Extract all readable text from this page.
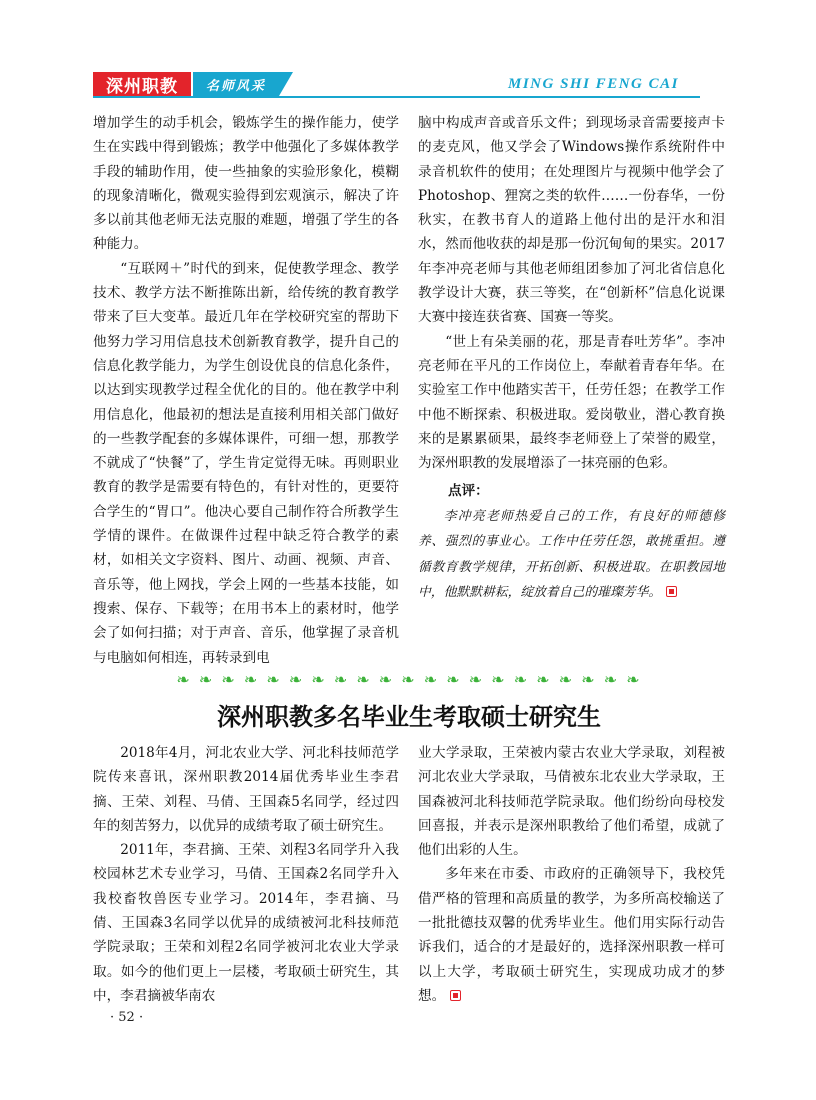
深州职教	名师风采	MING SHI FENG CAI

增加学生的动手机会，锻炼学生的操作能力，使学生在实践中得到锻炼；教学中他强化了多媒体教学手段的辅助作用，使一些抽象的实验形象化，模糊的现象清晰化，微观实验得到宏观演示，解决了许多以前其他老师无法克服的难题，增强了学生的各种能力。

“互联网＋”时代的到来，促使教学理念、教学技术、教学方法不断推陈出新，给传统的教育教学带来了巨大变革。最近几年在学校研究室的帮助下他努力学习用信息技术创新教育教学，提升自己的信息化教学能力，为学生创设优良的信息化条件，以达到实现教学过程全优化的目的。他在教学中利用信息化，他最初的想法是直接利用相关部门做好的一些教学配套的多媒体课件，可细一想，那教学不就成了“快餐”了，学生肯定觉得无味。再则职业教育的教学是需要有特色的，有针对性的，更要符合学生的“胃口”。他决心要自己制作符合所教学生学情的课件。在做课件过程中缺乏符合教学的素材，如相关文字资料、图片、动画、视频、声音、音乐等，他上网找，学会上网的一些基本技能，如搜索、保存、下载等；在用书本上的素材时，他学会了如何扫描；对于声音、音乐，他掌握了录音机与电脑如何相连，再转录到电

脑中构成声音或音乐文件；到现场录音需要接声卡的麦克风，他又学会了Windows操作系统附件中录音机软件的使用；在处理图片与视频中他学会了Photoshop、狸窝之类的软件……一份春华，一份秋实，在教书育人的道路上他付出的是汗水和泪水，然而他收获的却是那一份沉甸甸的果实。2017年李冲亮老师与其他老师组团参加了河北省信息化教学设计大赛，获三等奖，在“创新杯”信息化说课大赛中接连获省赛、国赛一等奖。

“世上有朵美丽的花，那是青春吐芳华”。李冲亮老师在平凡的工作岗位上，奉献着青春年华。在实验室工作中他踏实苦干，任劳任怨；在教学工作中他不断探索、积极进取。爱岗敬业，潜心教育换来的是累累硕果，最终李老师登上了荣誉的殿堂，为深州职教的发展增添了一抹亮丽的色彩。

点评：

李冲亮老师热爱自己的工作，有良好的师德修养、强烈的事业心。工作中任劳任怨，敢挑重担。遵循教育教学规律，开拓创新、积极进取。在职教园地中，他默默耕耘，绽放着自己的璀璨芳华。

❧ ❧ ❧ ❧ ❧ ❧ ❧ ❧ ❧ ❧ ❧ ❧ ❧ ❧ ❧ ❧ ❧ ❧ ❧ ❧ ❧
深州职教多名毕业生考取硕士研究生

2018年4月，河北农业大学、河北科技师范学院传来喜讯，深州职教2014届优秀毕业生李君摘、王荣、刘程、马倩、王国森5名同学，经过四年的刻苦努力，以优异的成绩考取了硕士研究生。

2011年，李君摘、王荣、刘程3名同学升入我校园林艺术专业学习，马倩、王国森2名同学升入我校畜牧兽医专业学习。2014年，李君摘、马倩、王国森3名同学以优异的成绩被河北科技师范学院录取；王荣和刘程2名同学被河北农业大学录取。如今的他们更上一层楼，考取硕士研究生，其中，李君摘被华南农

业大学录取，王荣被内蒙古农业大学录取，刘程被河北农业大学录取，马倩被东北农业大学录取，王国森被河北科技师范学院录取。他们纷纷向母校发回喜报，并表示是深州职教给了他们希望，成就了他们出彩的人生。

多年来在市委、市政府的正确领导下，我校凭借严格的管理和高质量的教学，为多所高校输送了一批批德技双馨的优秀毕业生。他们用实际行动告诉我们，适合的才是最好的，选择深州职教一样可以上大学，考取硕士研究生，实现成功成才的梦想。

· 52 ·
